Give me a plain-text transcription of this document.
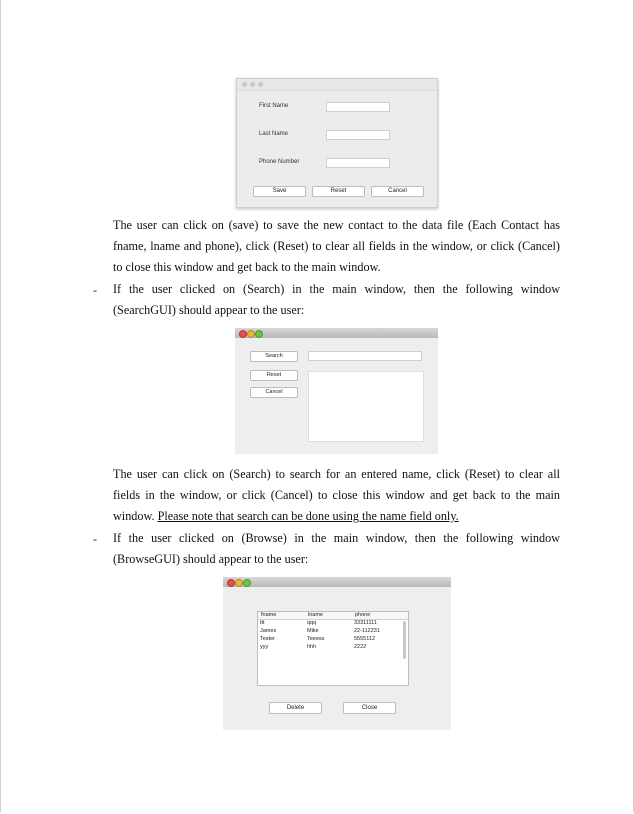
First Name
Last Name
Phone Number
Save	Reset	Cancel

The user can click on (save) to save the new contact to the data file (Each Contact has fname, lname and phone), click (Reset) to clear all fields in the window, or click (Cancel) to close this window and get back to the main window.

- If the user clicked on (Search) in the main window, then the following window (SearchGUI) should appear to the user:

Search
Reset
Cancel

The user can click on (Search) to search for an entered name, click (Reset) to clear all fields in the window, or click (Cancel) to close this window and get back to the main window. Please note that search can be done using the name field only.

- If the user clicked on (Browse) in the main window, then the following window (BrowseGUI) should appear to the user:

fname	lname	phone
ttt	qqq	33311111
James	Mike	22-112231
Tester	Teeess	5555112
yyy	hhh	2222
Delete	Close
